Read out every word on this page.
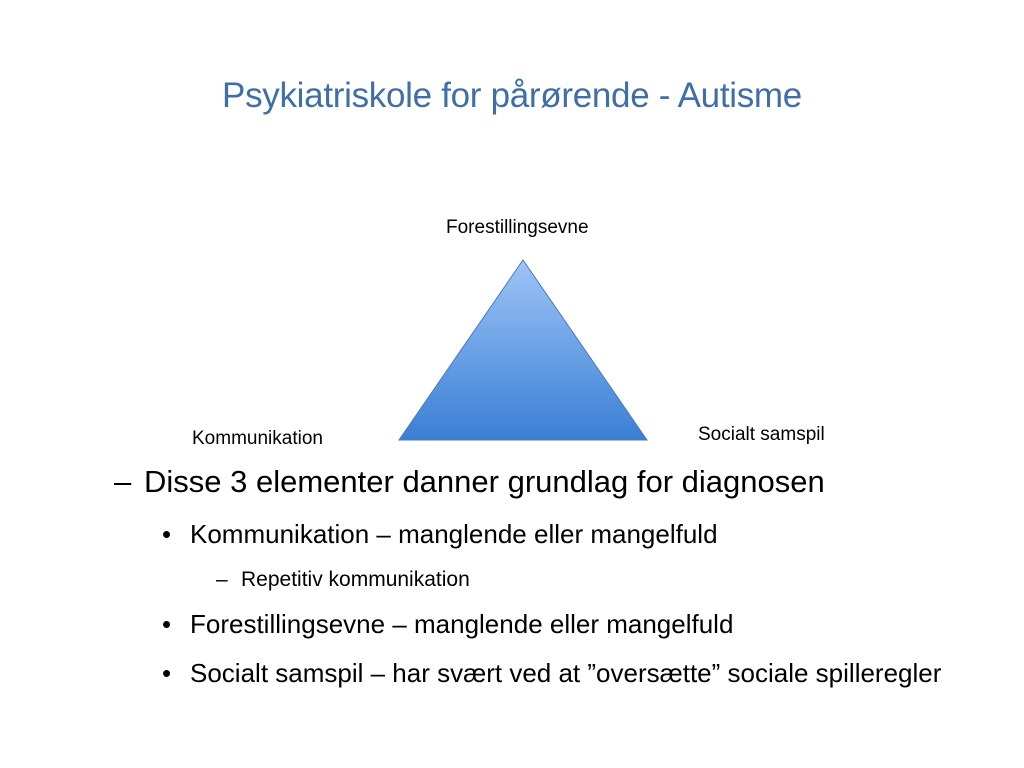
Psykiatriskole for pårørende - Autisme
Forestillingsevne
Kommunikation	Socialt samspil
– Disse 3 elementer danner grundlag for diagnosen
• Kommunikation – manglende eller mangelfuld
– Repetitiv kommunikation
• Forestillingsevne – manglende eller mangelfuld
• Socialt samspil – har svært ved at ”oversætte” sociale spilleregler
